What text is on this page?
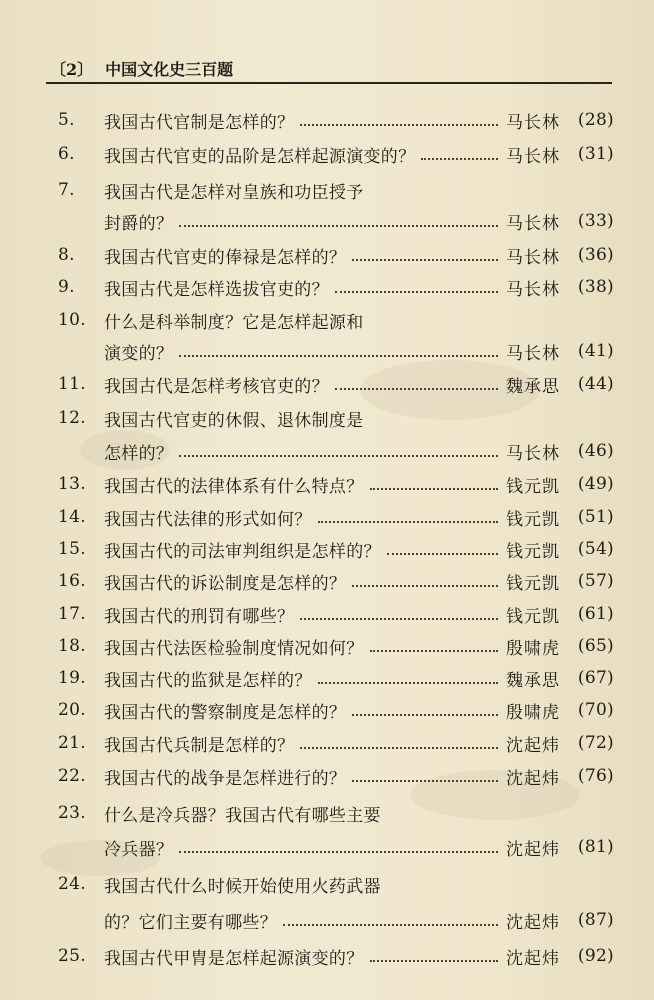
〔2〕 中国文化史三百题
5.	我国古代官制是怎样的？	马长林	(28)
6.	我国古代官吏的品阶是怎样起源演变的？	马长林	(31)
7.	我国古代是怎样对皇族和功臣授予
封爵的？	马长林	(33)
8.	我国古代官吏的俸禄是怎样的？	马长林	(36)
9.	我国古代是怎样选拔官吏的？	马长林	(38)
10.	什么是科举制度？它是怎样起源和
演变的？	马长林	(41)
11.	我国古代是怎样考核官吏的？	魏承思	(44)
12.	我国古代官吏的休假、退休制度是
怎样的？	马长林	(46)
13.	我国古代的法律体系有什么特点？	钱元凯	(49)
14.	我国古代法律的形式如何？	钱元凯	(51)
15.	我国古代的司法审判组织是怎样的？	钱元凯	(54)
16.	我国古代的诉讼制度是怎样的？	钱元凯	(57)
17.	我国古代的刑罚有哪些？	钱元凯	(61)
18.	我国古代法医检验制度情况如何？	殷啸虎	(65)
19.	我国古代的监狱是怎样的？	魏承思	(67)
20.	我国古代的警察制度是怎样的？	殷啸虎	(70)
21.	我国古代兵制是怎样的？	沈起炜	(72)
22.	我国古代的战争是怎样进行的？	沈起炜	(76)
23.	什么是冷兵器？我国古代有哪些主要
冷兵器？	沈起炜	(81)
24.	我国古代什么时候开始使用火药武器
的？它们主要有哪些？	沈起炜	(87)
25.	我国古代甲胄是怎样起源演变的？	沈起炜	(92)
